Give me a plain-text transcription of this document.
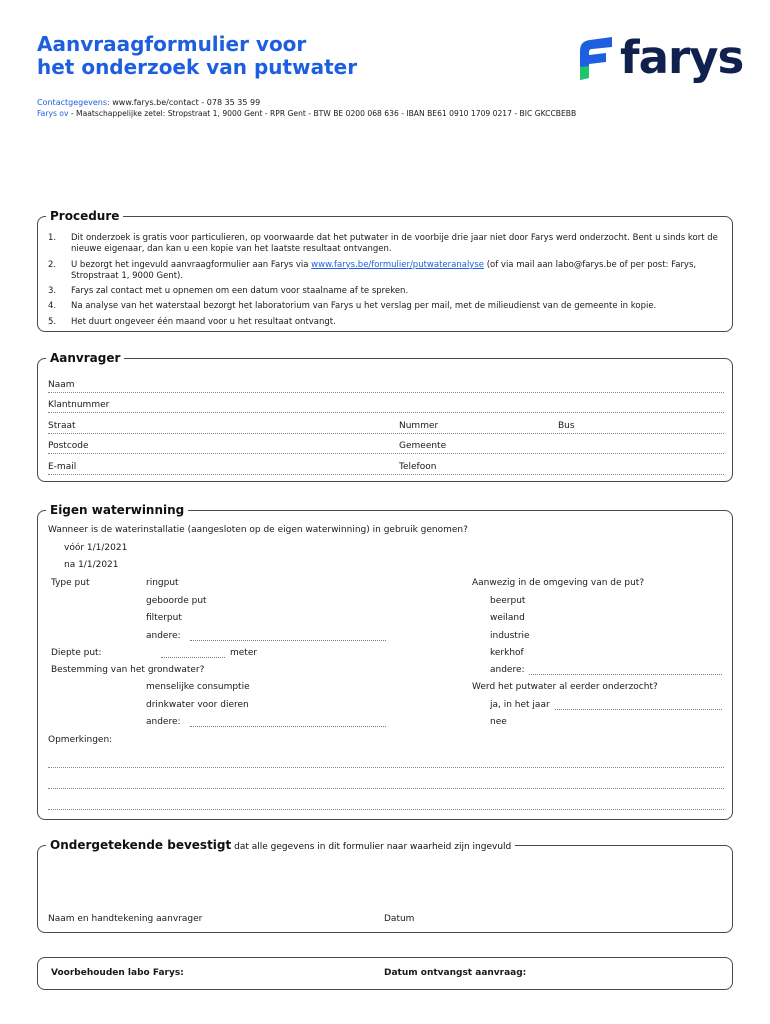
Aanvraagformulier voor
het onderzoek van putwater	farys
Contactgegevens: www.farys.be/contact - 078 35 35 99
Farys ov - Maatschappelijke zetel: Stropstraat 1, 9000 Gent - RPR Gent - BTW BE 0200 068 636 - IBAN BE61 0910 1709 0217 - BIC GKCCBEBB
Procedure
1. Dit onderzoek is gratis voor particulieren, op voorwaarde dat het putwater in de voorbije drie jaar niet door Farys werd onderzocht. Bent u sinds kort de nieuwe eigenaar, dan kan u een kopie van het laatste resultaat ontvangen.
2. U bezorgt het ingevuld aanvraagformulier aan Farys via www.farys.be/formulier/putwateranalyse (of via mail aan labo@farys.be of per post: Farys, Stropstraat 1, 9000 Gent).
3. Farys zal contact met u opnemen om een datum voor staalname af te spreken.
4. Na analyse van het waterstaal bezorgt het laboratorium van Farys u het verslag per mail, met de milieudienst van de gemeente in kopie.
5. Het duurt ongeveer één maand voor u het resultaat ontvangt.
Aanvrager
Naam
Klantnummer
Straat	Nummer	Bus
Postcode	Gemeente
E-mail	Telefoon
Eigen waterwinning
Wanneer is de waterinstallatie (aangesloten op de eigen waterwinning) in gebruik genomen?
vóór 1/1/2021
na 1/1/2021
Type put	ringput
geboorde put
filterput
andere:
Diepte put:	meter
Bestemming van het grondwater?
menselijke consumptie
drinkwater voor dieren
andere:
Aanwezig in de omgeving van de put?
beerput
weiland
industrie
kerkhof
andere:
Werd het putwater al eerder onderzocht?
ja, in het jaar
nee
Opmerkingen:
Ondergetekende bevestigt dat alle gegevens in dit formulier naar waarheid zijn ingevuld
Naam en handtekening aanvrager	Datum
Voorbehouden labo Farys:	Datum ontvangst aanvraag:
